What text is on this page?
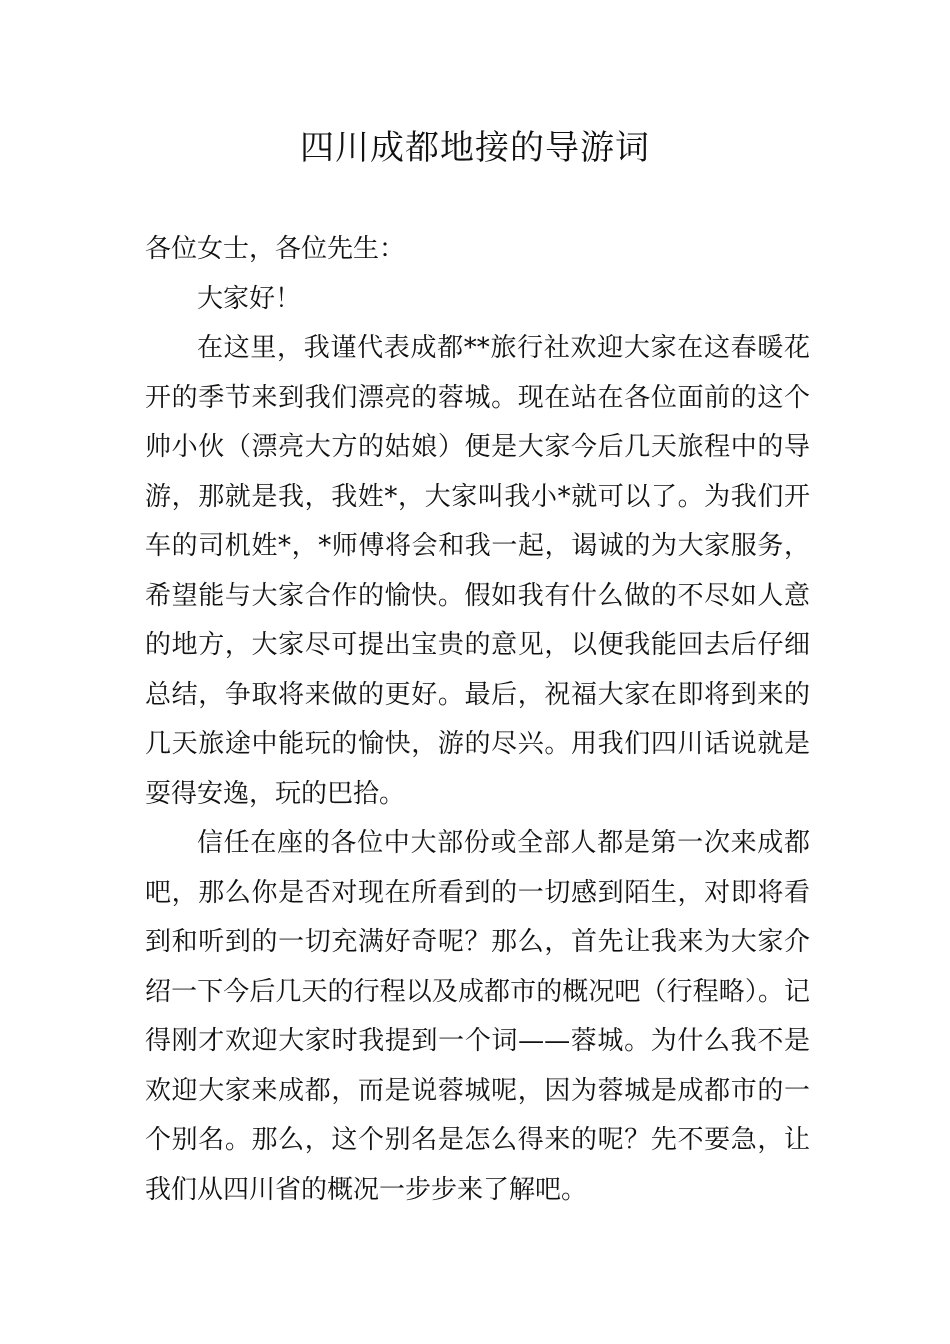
四川成都地接的导游词

各位女士，各位先生：

大家好！

在这里，我谨代表成都**旅行社欢迎大家在这春暖花开的季节来到我们漂亮的蓉城。现在站在各位面前的这个帅小伙（漂亮大方的姑娘）便是大家今后几天旅程中的导游，那就是我，我姓*，大家叫我小*就可以了。为我们开车的司机姓*，*师傅将会和我一起，谒诚的为大家服务，希望能与大家合作的愉快。假如我有什么做的不尽如人意的地方，大家尽可提出宝贵的意见，以便我能回去后仔细总结，争取将来做的更好。最后，祝福大家在即将到来的几天旅途中能玩的愉快，游的尽兴。用我们四川话说就是耍得安逸，玩的巴拾。

信任在座的各位中大部份或全部人都是第一次来成都吧，那么你是否对现在所看到的一切感到陌生，对即将看到和听到的一切充满好奇呢？那么，首先让我来为大家介绍一下今后几天的行程以及成都市的概况吧（行程略）。记得刚才欢迎大家时我提到一个词——蓉城。为什么我不是欢迎大家来成都，而是说蓉城呢，因为蓉城是成都市的一个别名。那么，这个别名是怎么得来的呢？先不要急，让我们从四川省的概况一步步来了解吧。
